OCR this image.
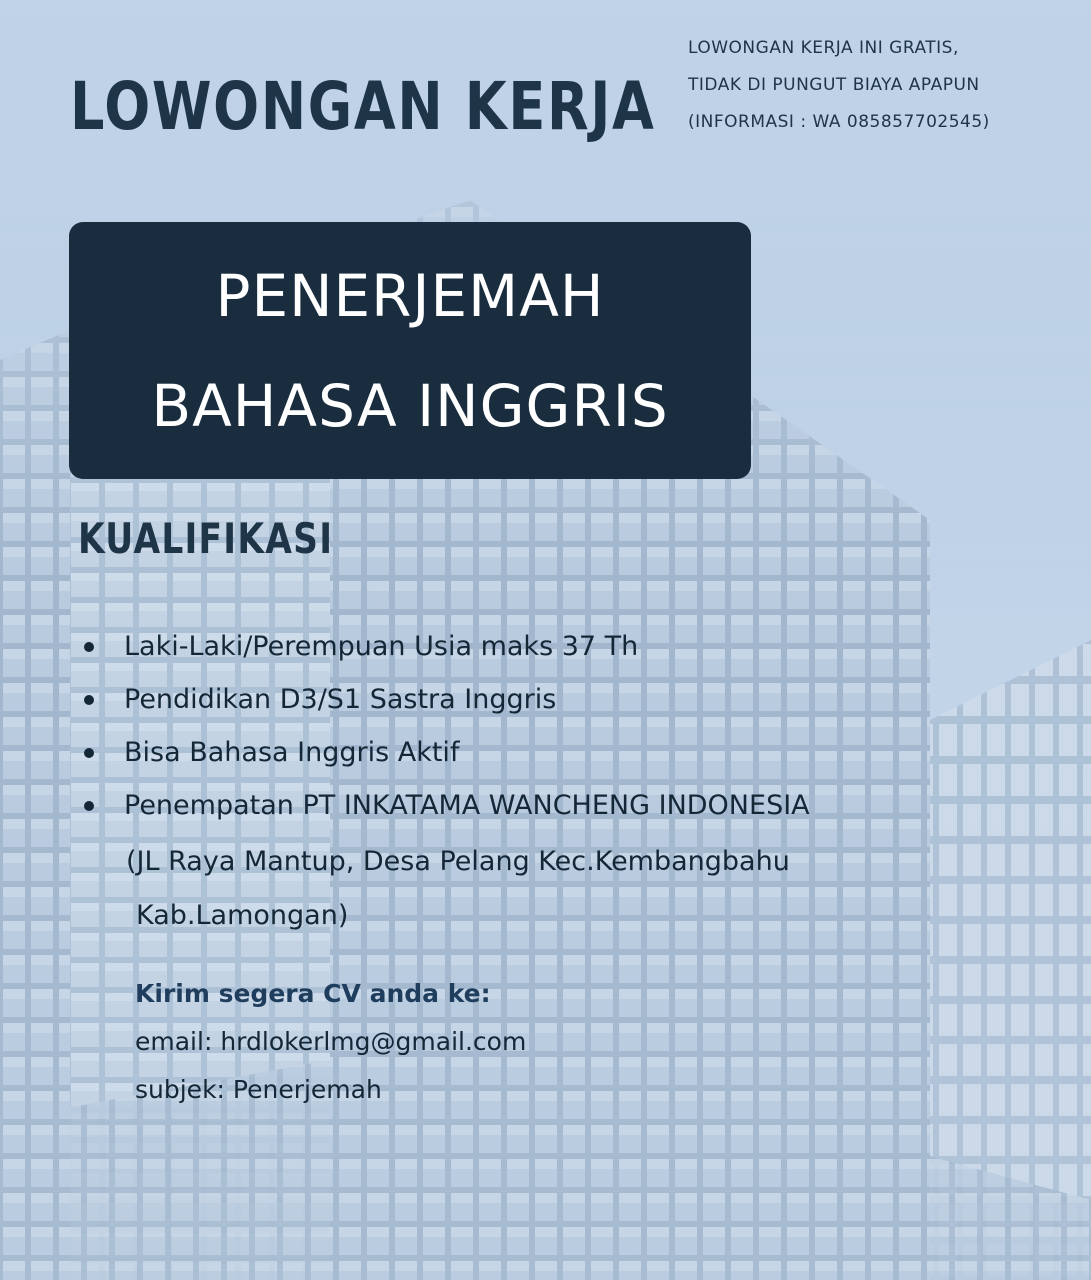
LOWONGAN KERJA
LOWONGAN KERJA INI GRATIS,
TIDAK DI PUNGUT BIAYA APAPUN
(INFORMASI : WA 085857702545)
PENERJEMAH
BAHASA INGGRIS
KUALIFIKASI
Laki-Laki/Perempuan Usia maks 37 Th
Pendidikan D3/S1 Sastra Inggris
Bisa Bahasa Inggris Aktif
Penempatan PT INKATAMA WANCHENG INDONESIA
(JL Raya Mantup, Desa Pelang Kec.Kembangbahu
Kab.Lamongan)
Kirim segera CV anda ke:
email: hrdlokerlmg@gmail.com
subjek: Penerjemah
